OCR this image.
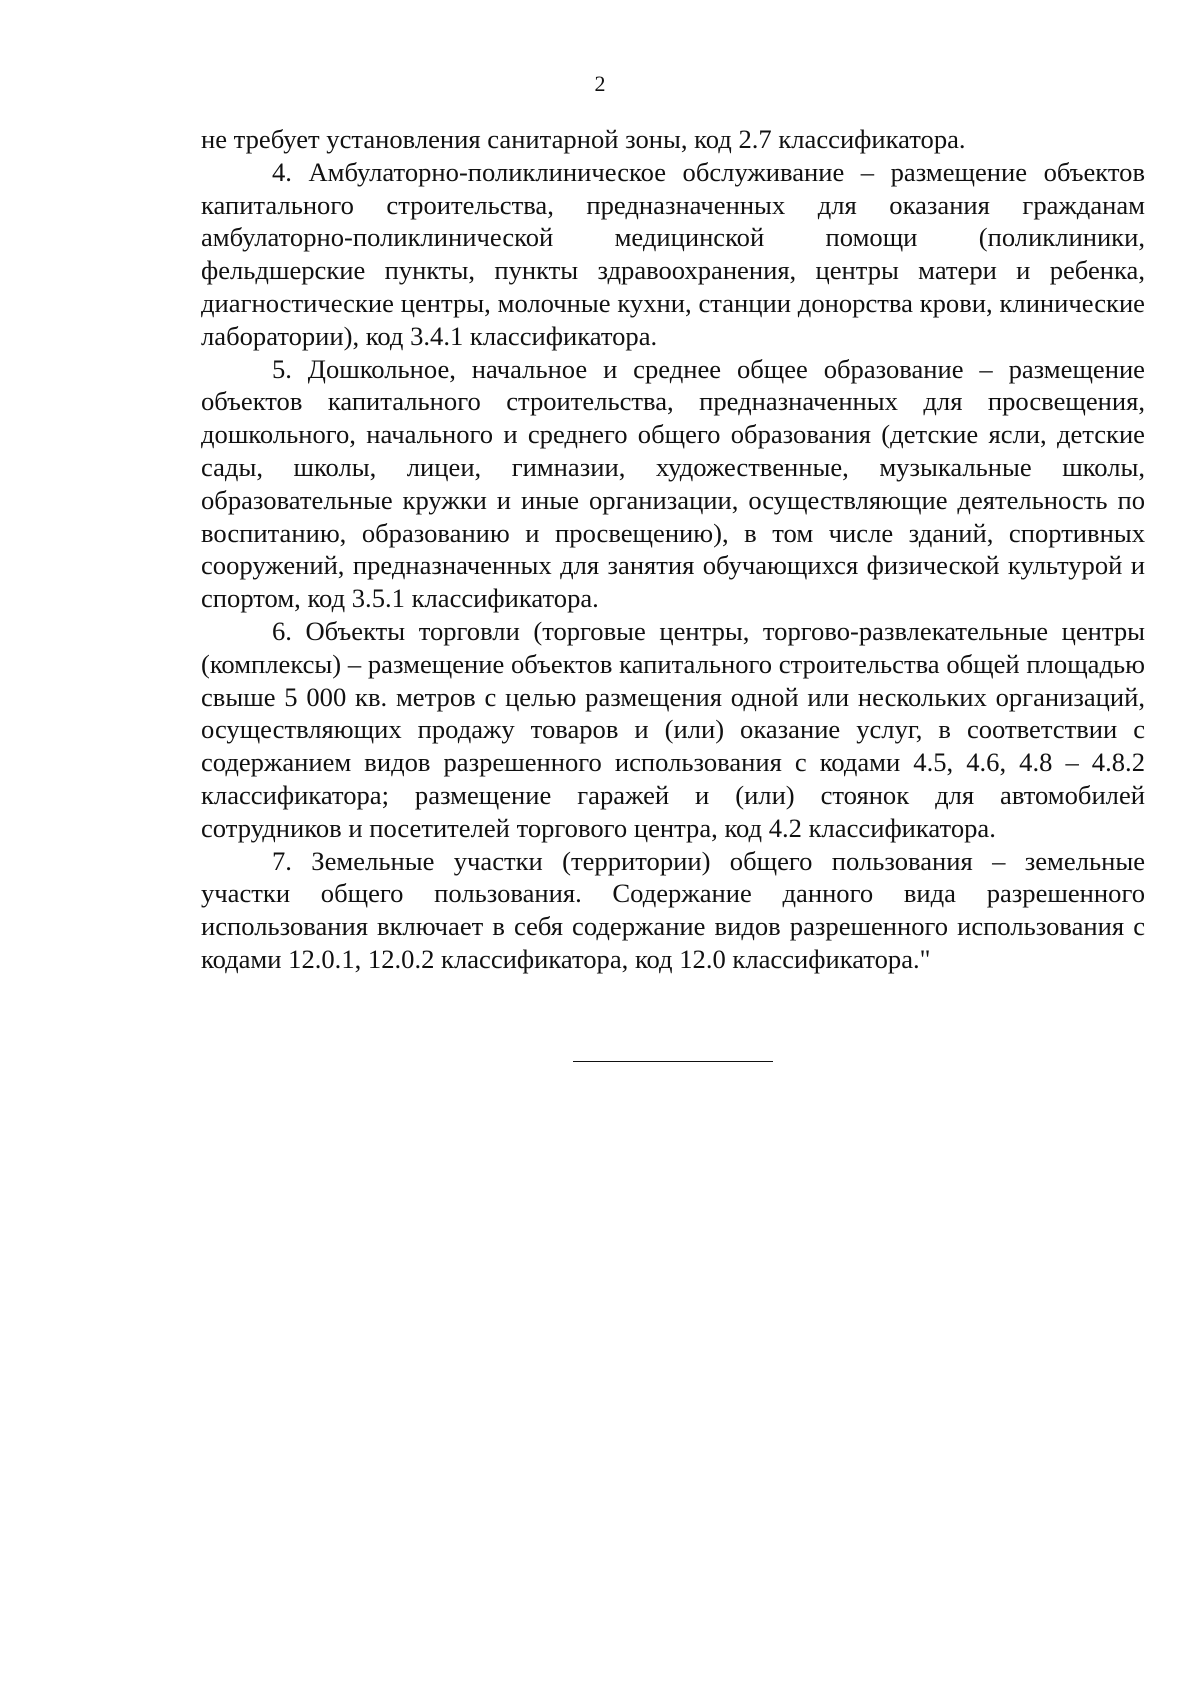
2

не требует установления санитарной зоны, код 2.7 классификатора.

4. Амбулаторно-поликлиническое обслуживание – размещение объектов капитального строительства, предназначенных для оказания гражданам амбулаторно-поликлинической медицинской помощи (поликлиники, фельдшерские пункты, пункты здравоохранения, центры матери и ребенка, диагностические центры, молочные кухни, станции донорства крови, клинические лаборатории), код 3.4.1 классификатора.

5. Дошкольное, начальное и среднее общее образование – размещение объектов капитального строительства, предназначенных для просвещения, дошкольного, начального и среднего общего образования (детские ясли, детские сады, школы, лицеи, гимназии, художественные, музыкальные школы, образовательные кружки и иные организации, осуществляющие деятельность по воспитанию, образованию и просвещению), в том числе зданий, спортивных сооружений, предназначенных для занятия обучающихся физической культурой и спортом, код 3.5.1 классификатора.

6. Объекты торговли (торговые центры, торгово-развлекательные центры (комплексы) – размещение объектов капитального строительства общей площадью свыше 5 000 кв. метров с целью размещения одной или нескольких организаций, осуществляющих продажу товаров и (или) оказание услуг, в соответствии с содержанием видов разрешенного использования с кодами 4.5, 4.6, 4.8 – 4.8.2 классификатора; размещение гаражей и (или) стоянок для автомобилей сотрудников и посетителей торгового центра, код 4.2 классификатора.

7. Земельные участки (территории) общего пользования – земельные участки общего пользования. Содержание данного вида разрешенного использования включает в себя содержание видов разрешенного использования с кодами 12.0.1, 12.0.2 классификатора, код 12.0 классификатора."
